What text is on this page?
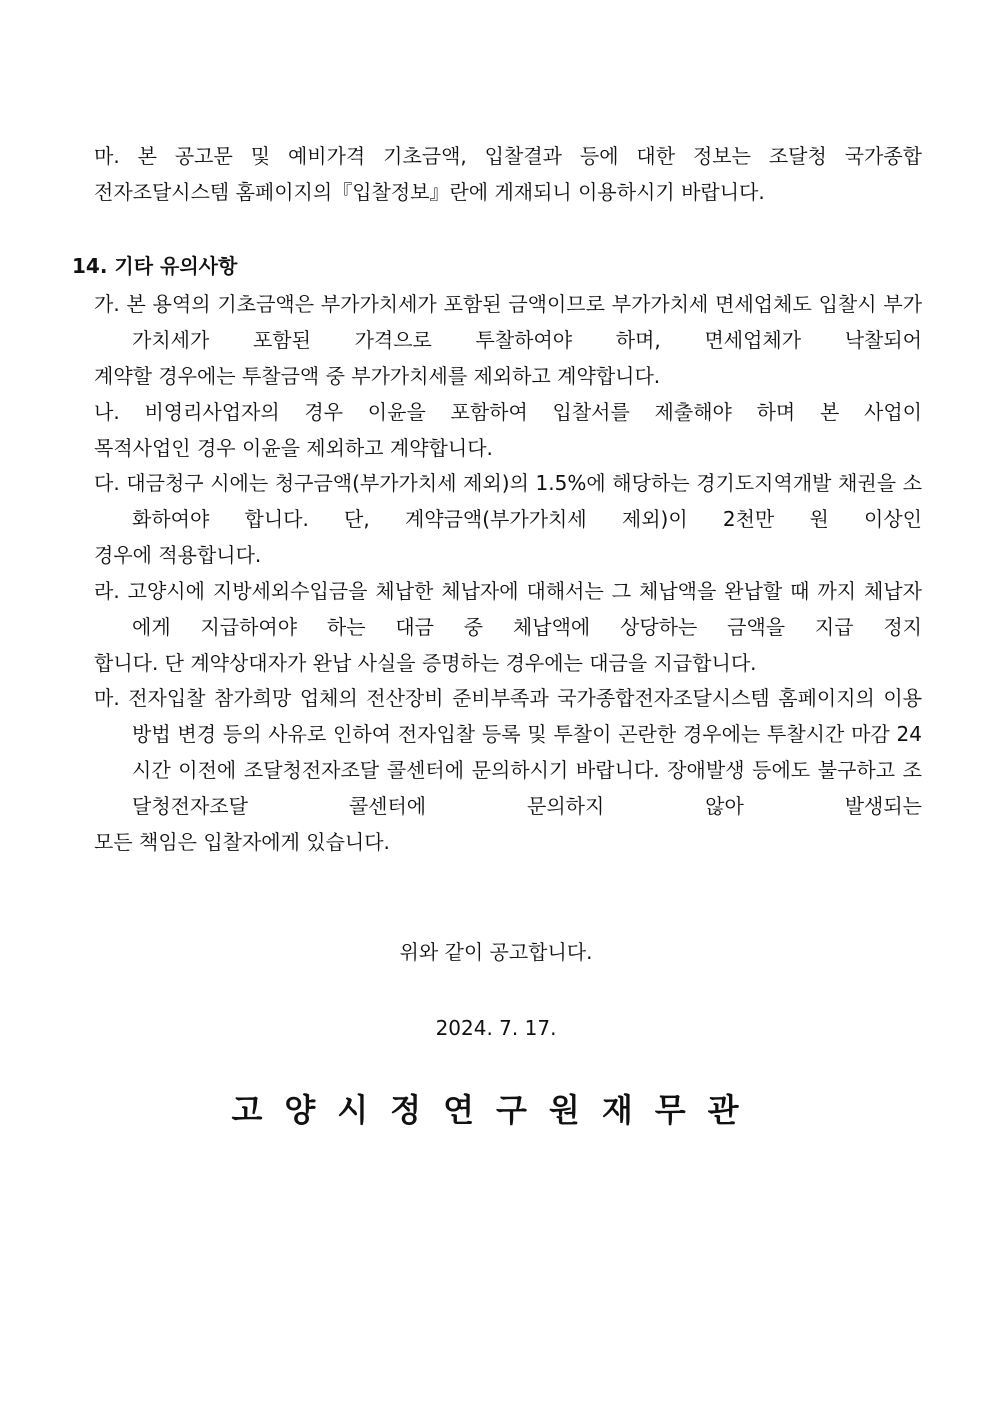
마. 본 공고문 및 예비가격 기초금액, 입찰결과 등에 대한 정보는 조달청 국가종합
전자조달시스템 홈페이지의『입찰정보』란에 게재되니 이용하시기 바랍니다.
14. 기타 유의사항
가. 본 용역의 기초금액은 부가가치세가 포함된 금액이므로 부가가치세 면세업체도 입찰시 부가가치세가 포함된 가격으로 투찰하여야 하며, 면세업체가 낙찰되어
계약할 경우에는 투찰금액 중 부가가치세를 제외하고 계약합니다.
나. 비영리사업자의 경우 이윤을 포함하여 입찰서를 제출해야 하며 본 사업이
목적사업인 경우 이윤을 제외하고 계약합니다.
다. 대금청구 시에는 청구금액(부가가치세 제외)의 1.5%에 해당하는 경기도지역개발 채권을 소화하여야 합니다. 단, 계약금액(부가가치세 제외)이 2천만 원 이상인
경우에 적용합니다.
라. 고양시에 지방세외수입금을 체납한 체납자에 대해서는 그 체납액을 완납할 때 까지 체납자에게 지급하여야 하는 대금 중 체납액에 상당하는 금액을 지급 정지
합니다. 단 계약상대자가 완납 사실을 증명하는 경우에는 대금을 지급합니다.
마. 전자입찰 참가희망 업체의 전산장비 준비부족과 국가종합전자조달시스템 홈페이지의 이용방법 변경 등의 사유로 인하여 전자입찰 등록 및 투찰이 곤란한 경우에는 투찰시간 마감 24시간 이전에 조달청전자조달 콜센터에 문의하시기 바랍니다. 장애발생 등에도 불구하고 조달청전자조달 콜센터에 문의하지 않아 발생되는
모든 책임은 입찰자에게 있습니다.
위와 같이 공고합니다.
2024. 7. 17.
고양시정연구원재무관
